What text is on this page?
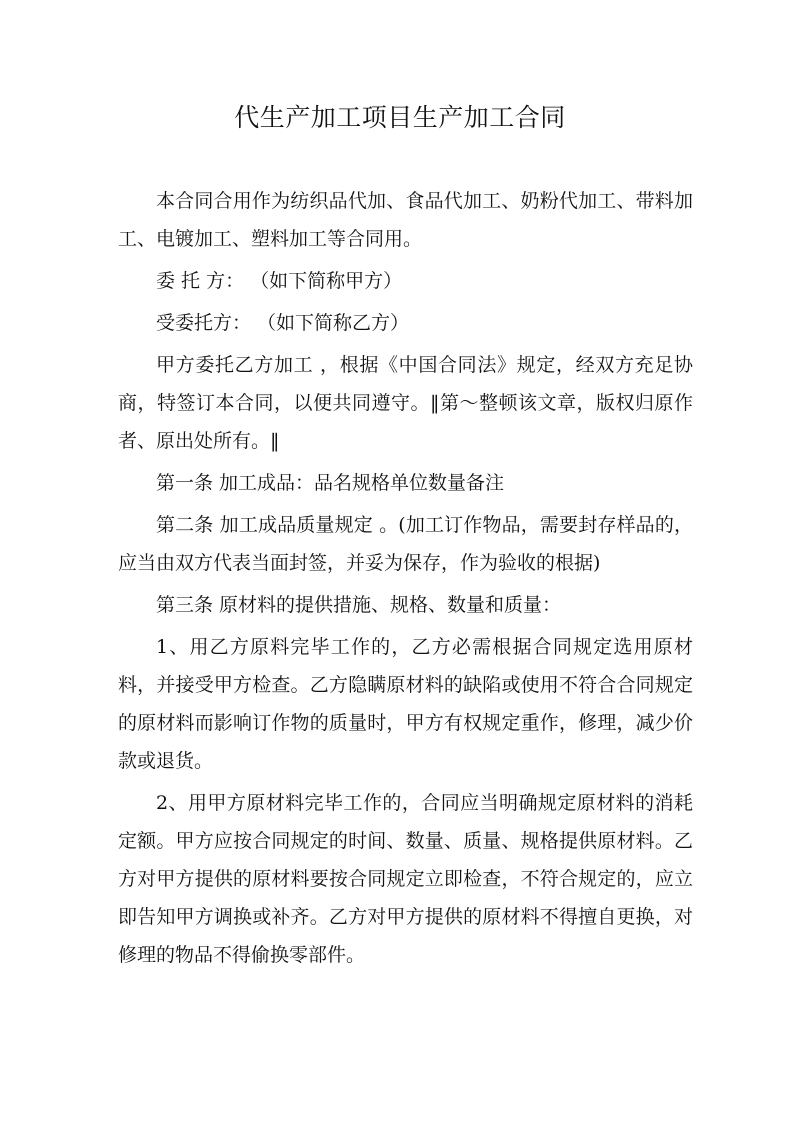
代生产加工项目生产加工合同

本合同合用作为纺织品代加、食品代加工、奶粉代加工、带料加工、电镀加工、塑料加工等合同用。

委 托 方： （如下简称甲方）

受委托方： （如下简称乙方）

甲方委托乙方加工 ，根据《中国合同法》规定，经双方充足协商，特签订本合同，以便共同遵守。‖第～整顿该文章，版权归原作者、原出处所有。‖

第一条 加工成品：品名规格单位数量备注

第二条 加工成品质量规定 。(加工订作物品，需要封存样品的，应当由双方代表当面封签，并妥为保存，作为验收的根据)

第三条 原材料的提供措施、规格、数量和质量：

1、用乙方原料完毕工作的，乙方必需根据合同规定选用原材料，并接受甲方检查。乙方隐瞒原材料的缺陷或使用不符合合同规定的原材料而影响订作物的质量时，甲方有权规定重作，修理，减少价款或退货。

2、用甲方原材料完毕工作的，合同应当明确规定原材料的消耗定额。甲方应按合同规定的时间、数量、质量、规格提供原材料。乙方对甲方提供的原材料要按合同规定立即检查，不符合规定的，应立即告知甲方调换或补齐。乙方对甲方提供的原材料不得擅自更换，对修理的物品不得偷换零部件。
